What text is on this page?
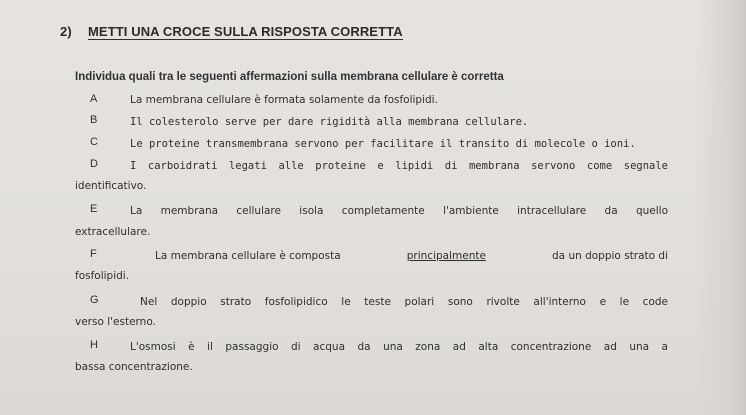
2) METTI UNA CROCE SULLA RISPOSTA CORRETTA
Individua quali tra le seguenti affermazioni sulla membrana cellulare è corretta
A	La membrana cellulare è formata solamente da fosfolipidi.
B	Il colesterolo serve per dare rigidità alla membrana cellulare.
C	Le proteine transmembrana servono per facilitare il transito di molecole o ioni.
D	I carboidrati legati alle proteine e lipidi di membrana servono come segnale
identificativo.
E	La membrana cellulare isola completamente l'ambiente intracellulare da quello
extracellulare.
F	La membrana cellulare è composta	principalmente	da un doppio strato di
fosfolipidi.
G	Nel doppio strato fosfolipidico le teste polari sono rivolte all'interno e le code
verso l'esterno.
H	L'osmosi è il passaggio di acqua da una zona ad alta concentrazione ad una a
bassa concentrazione.
